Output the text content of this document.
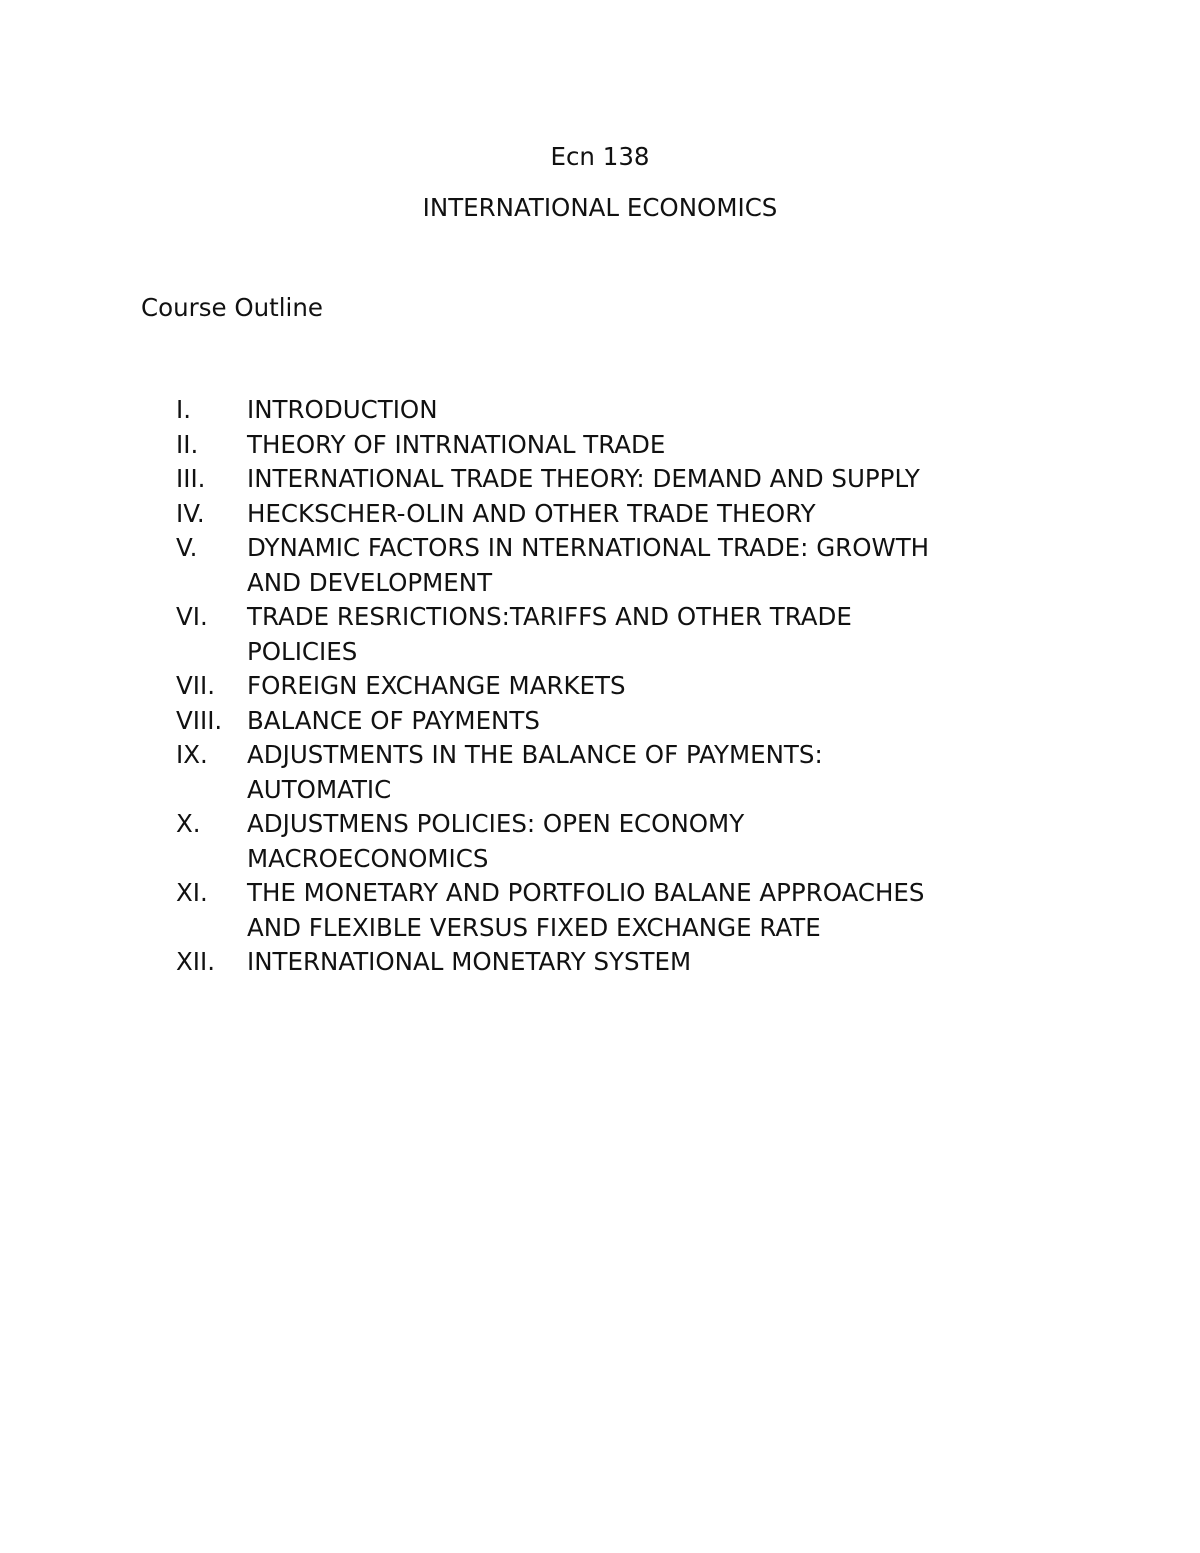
Ecn 138
INTERNATIONAL ECONOMICS
Course Outline
I.	INTRODUCTION
II.	THEORY OF INTRNATIONAL TRADE
III.	INTERNATIONAL TRADE THEORY: DEMAND AND SUPPLY
IV.	HECKSCHER-OLIN AND OTHER TRADE THEORY
V.	DYNAMIC FACTORS IN NTERNATIONAL TRADE: GROWTH
AND DEVELOPMENT
VI.	TRADE RESRICTIONS:TARIFFS AND OTHER TRADE
POLICIES
VII.	FOREIGN EXCHANGE MARKETS
VIII.	BALANCE OF PAYMENTS
IX.	ADJUSTMENTS IN THE BALANCE OF PAYMENTS:
AUTOMATIC
X.	ADJUSTMENS POLICIES: OPEN ECONOMY
MACROECONOMICS
XI.	THE MONETARY AND PORTFOLIO BALANE APPROACHES
AND FLEXIBLE VERSUS FIXED EXCHANGE RATE
XII.	INTERNATIONAL MONETARY SYSTEM
